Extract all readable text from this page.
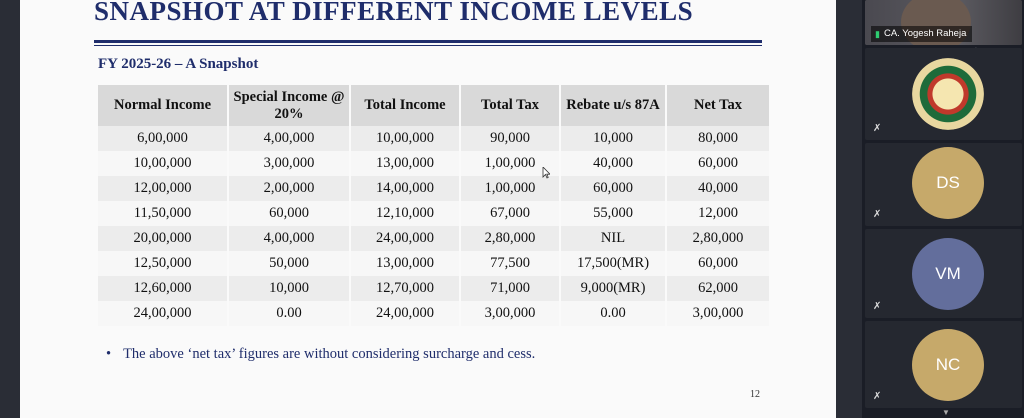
SNAPSHOT AT DIFFERENT INCOME LEVELS
FY 2025-26 – A Snapshot
Normal Income	Special Income @ 20%	Total Income	Total Tax	Rebate u/s 87A	Net Tax
6,00,000	4,00,000	10,00,000	90,000	10,000	80,000
10,00,000	3,00,000	13,00,000	1,00,000	40,000	60,000
12,00,000	2,00,000	14,00,000	1,00,000	60,000	40,000
11,50,000	60,000	12,10,000	67,000	55,000	12,000
20,00,000	4,00,000	24,00,000	2,80,000	NIL	2,80,000
12,50,000	50,000	13,00,000	77,500	17,500(MR)	60,000
12,60,000	10,000	12,70,000	71,000	9,000(MR)	62,000
24,00,000	0.00	24,00,000	3,00,000	0.00	3,00,000
• The above ‘net tax’ figures are without considering surcharge and cess.
12
▮ CA. Yogesh Raheja
✗
DS
✗
VM
✗
NC
✗
▼
